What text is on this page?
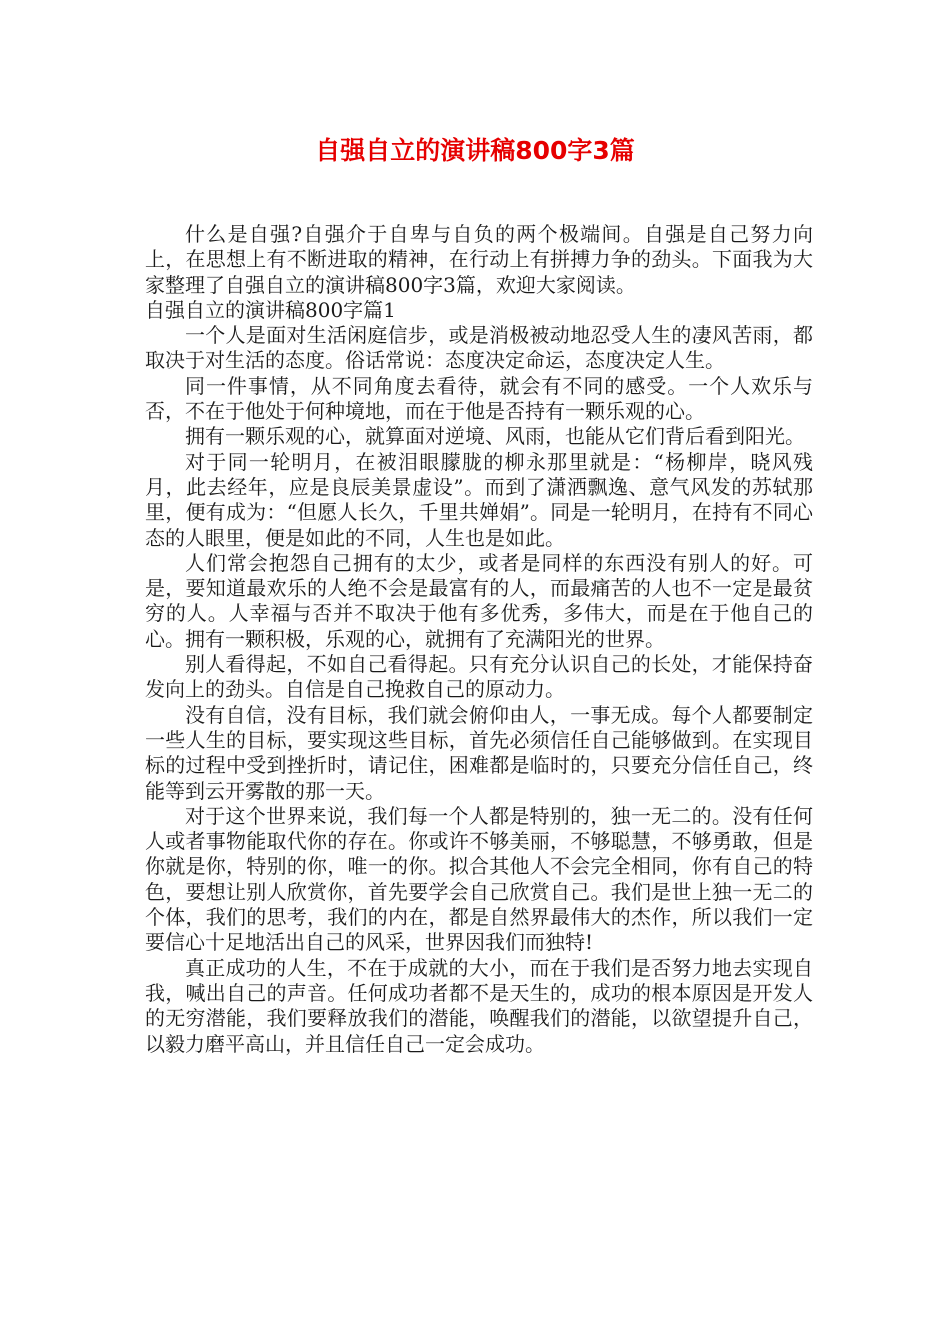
自强自立的演讲稿800字3篇

什么是自强?自强介于自卑与自负的两个极端间。自强是自己努力向上，在思想上有不断进取的精神，在行动上有拼搏力争的劲头。下面我为大家整理了自强自立的演讲稿800字3篇，欢迎大家阅读。

自强自立的演讲稿800字篇1

一个人是面对生活闲庭信步，或是消极被动地忍受人生的凄风苦雨，都取决于对生活的态度。俗话常说：态度决定命运，态度决定人生。

同一件事情，从不同角度去看待，就会有不同的感受。一个人欢乐与否，不在于他处于何种境地，而在于他是否持有一颗乐观的心。

拥有一颗乐观的心，就算面对逆境、风雨，也能从它们背后看到阳光。

对于同一轮明月，在被泪眼朦胧的柳永那里就是：“杨柳岸，晓风残月，此去经年，应是良辰美景虚设”。而到了潇洒飘逸、意气风发的苏轼那里，便有成为：“但愿人长久，千里共婵娟”。同是一轮明月，在持有不同心态的人眼里，便是如此的不同，人生也是如此。

人们常会抱怨自己拥有的太少，或者是同样的东西没有别人的好。可是，要知道最欢乐的人绝不会是最富有的人，而最痛苦的人也不一定是最贫穷的人。人幸福与否并不取决于他有多优秀，多伟大，而是在于他自己的心。拥有一颗积极，乐观的心，就拥有了充满阳光的世界。

别人看得起，不如自己看得起。只有充分认识自己的长处，才能保持奋发向上的劲头。自信是自己挽救自己的原动力。

没有自信，没有目标，我们就会俯仰由人，一事无成。每个人都要制定一些人生的目标，要实现这些目标，首先必须信任自己能够做到。在实现目标的过程中受到挫折时，请记住，困难都是临时的，只要充分信任自己，终能等到云开雾散的那一天。

对于这个世界来说，我们每一个人都是特别的，独一无二的。没有任何人或者事物能取代你的存在。你或许不够美丽，不够聪慧，不够勇敢，但是你就是你，特别的你，唯一的你。拟合其他人不会完全相同，你有自己的特色，要想让别人欣赏你，首先要学会自己欣赏自己。我们是世上独一无二的个体，我们的思考，我们的内在，都是自然界最伟大的杰作，所以我们一定要信心十足地活出自己的风采，世界因我们而独特!

真正成功的人生，不在于成就的大小，而在于我们是否努力地去实现自我，喊出自己的声音。任何成功者都不是天生的，成功的根本原因是开发人的无穷潜能，我们要释放我们的潜能，唤醒我们的潜能，以欲望提升自己，以毅力磨平高山，并且信任自己一定会成功。
